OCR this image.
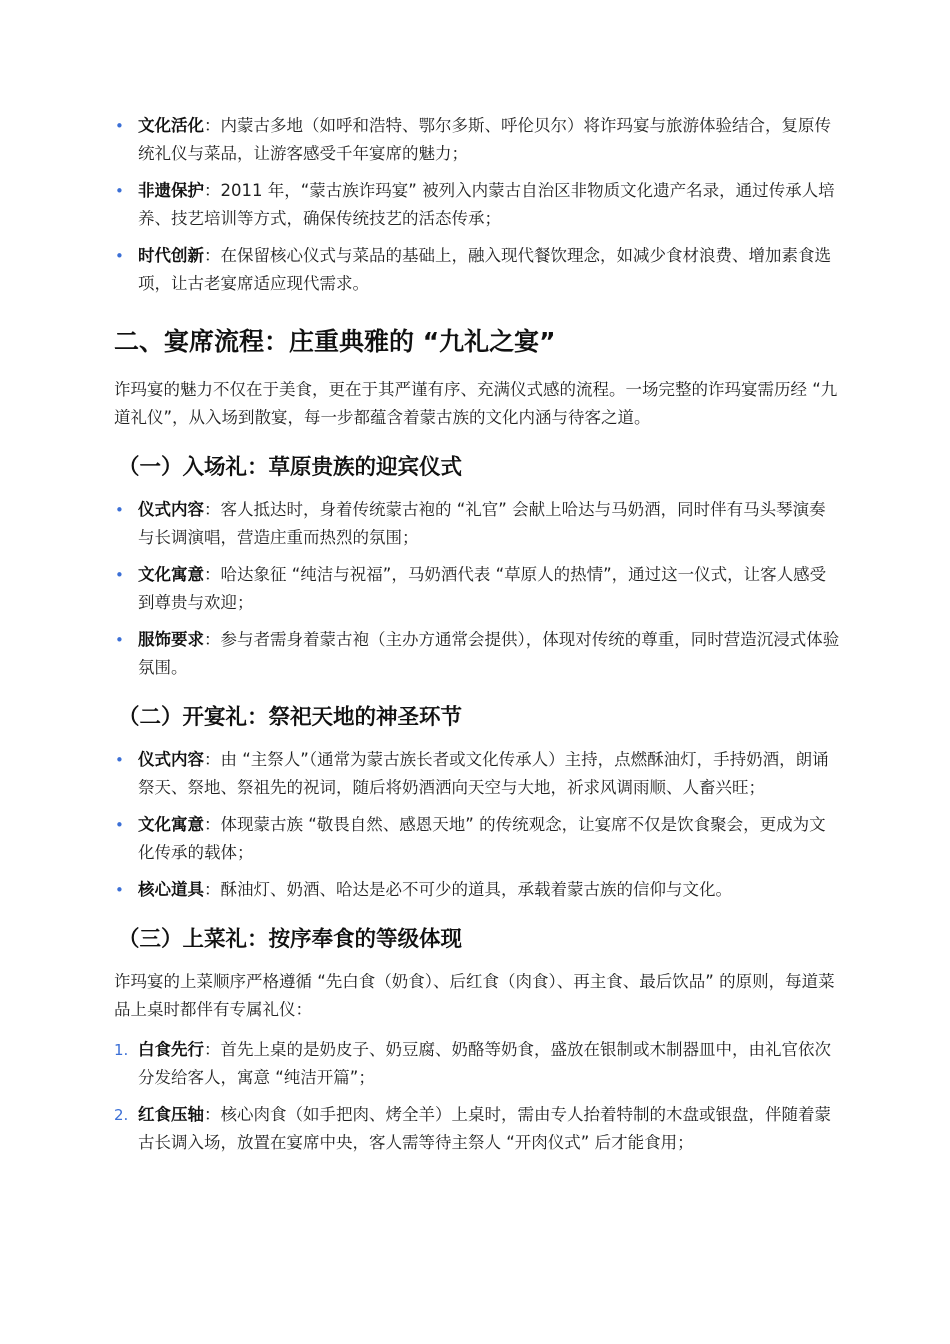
• 文化活化：内蒙古多地（如呼和浩特、鄂尔多斯、呼伦贝尔）将诈玛宴与旅游体验结合，复原传统礼仪与菜品，让游客感受千年宴席的魅力；
• 非遗保护：2011 年，“蒙古族诈玛宴” 被列入内蒙古自治区非物质文化遗产名录，通过传承人培养、技艺培训等方式，确保传统技艺的活态传承；
• 时代创新：在保留核心仪式与菜品的基础上，融入现代餐饮理念，如减少食材浪费、增加素食选项，让古老宴席适应现代需求。
二、宴席流程：庄重典雅的 “九礼之宴”

诈玛宴的魅力不仅在于美食，更在于其严谨有序、充满仪式感的流程。一场完整的诈玛宴需历经 “九道礼仪”，从入场到散宴，每一步都蕴含着蒙古族的文化内涵与待客之道。

（一）入场礼：草原贵族的迎宾仪式
• 仪式内容：客人抵达时，身着传统蒙古袍的 “礼官” 会献上哈达与马奶酒，同时伴有马头琴演奏与长调演唱，营造庄重而热烈的氛围；
• 文化寓意：哈达象征 “纯洁与祝福”，马奶酒代表 “草原人的热情”，通过这一仪式，让客人感受到尊贵与欢迎；
• 服饰要求：参与者需身着蒙古袍（主办方通常会提供），体现对传统的尊重，同时营造沉浸式体验氛围。
（二）开宴礼：祭祀天地的神圣环节
• 仪式内容：由 “主祭人”（通常为蒙古族长者或文化传承人）主持，点燃酥油灯，手持奶酒，朗诵祭天、祭地、祭祖先的祝词，随后将奶酒洒向天空与大地，祈求风调雨顺、人畜兴旺；
• 文化寓意：体现蒙古族 “敬畏自然、感恩天地” 的传统观念，让宴席不仅是饮食聚会，更成为文化传承的载体；
• 核心道具：酥油灯、奶酒、哈达是必不可少的道具，承载着蒙古族的信仰与文化。
（三）上菜礼：按序奉食的等级体现

诈玛宴的上菜顺序严格遵循 “先白食（奶食）、后红食（肉食）、再主食、最后饮品” 的原则，每道菜品上桌时都伴有专属礼仪：

1. 白食先行：首先上桌的是奶皮子、奶豆腐、奶酪等奶食，盛放在银制或木制器皿中，由礼官依次分发给客人，寓意 “纯洁开篇”；
2. 红食压轴：核心肉食（如手把肉、烤全羊）上桌时，需由专人抬着特制的木盘或银盘，伴随着蒙古长调入场，放置在宴席中央，客人需等待主祭人 “开肉仪式” 后才能食用；
